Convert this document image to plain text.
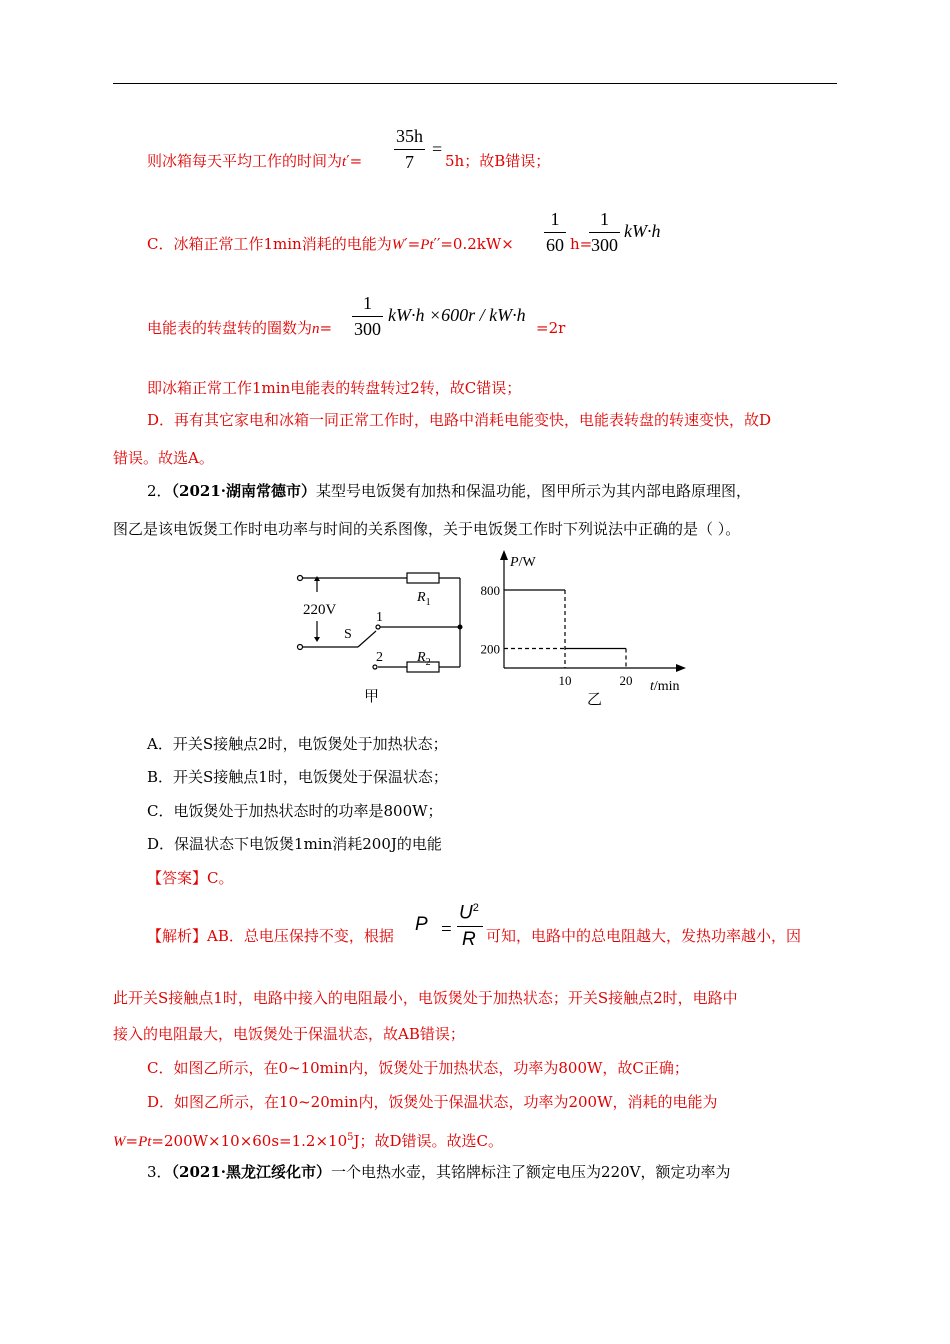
则冰箱每天平均工作的时间为t′=
35h
7
=
5h；故B错误；
C．冰箱正常工作1min消耗的电能为W′=Pt′′=0.2kW×
1
60 h=
1
300
kW·h
电能表的转盘转的圈数为n=
1
300
kW·h ×600r / kW·h
=2r
即冰箱正常工作1min电能表的转盘转过2转，故C错误；
D．再有其它家电和冰箱一同正常工作时，电路中消耗电能变快，电能表转盘的转速变快，故D
错误。故选A。
2．（2021·湖南常德市）某型号电饭煲有加热和保温功能，图甲所示为其内部电路原理图，
图乙是该电饭煲工作时电功率与时间的关系图像，关于电饭煲工作时下列说法中正确的是（ ）。
220V
S
1
2
$R_1$
$R_2$
甲
P/W
t/min
乙
800
200
10	20
A．开关S接触点2时，电饭煲处于加热状态；
B．开关S接触点1时，电饭煲处于保温状态；
C．电饭煲处于加热状态时的功率是800W；
D．保温状态下电饭煲1min消耗200J的电能
【答案】C。
【解析】AB．总电压保持不变，根据
P =
$U^2$
R 可知，电路中的总电阻越大，发热功率越小，因
此开关S接触点1时，电路中接入的电阻最小，电饭煲处于加热状态；开关S接触点2时，电路中
接入的电阻最大，电饭煲处于保温状态，故AB错误；
C．如图乙所示，在0~10min内，饭煲处于加热状态，功率为800W，故C正确；
D．如图乙所示，在10~20min内，饭煲处于保温状态，功率为200W，消耗的电能为
$W=Pt=200W\times 10\times 60s=1.2\times 10^5J$；故D错误。故选C。
3．（2021·黑龙江绥化市）一个电热水壶，其铭牌标注了额定电压为220V，额定功率为
